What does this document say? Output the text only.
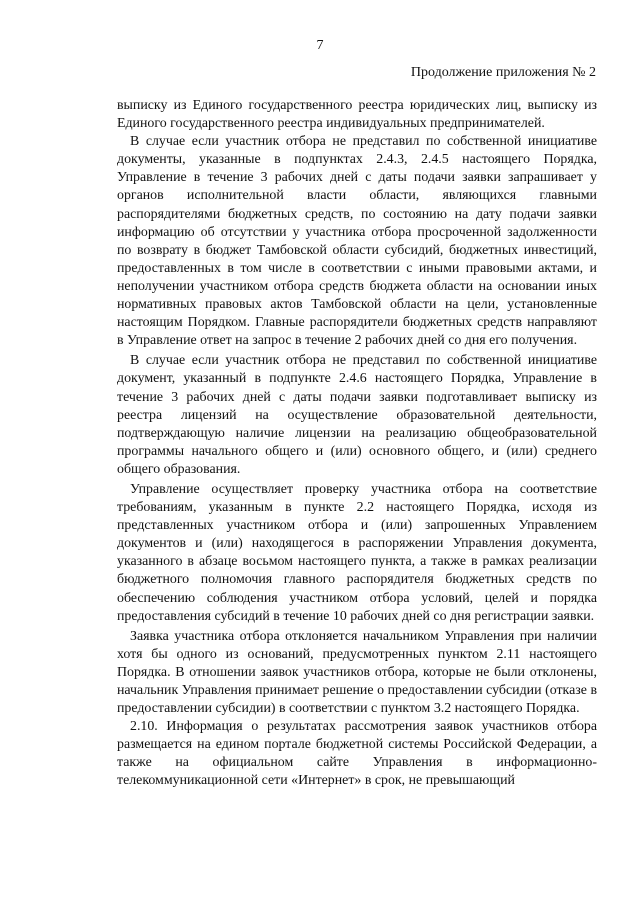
7
Продолжение приложения № 2

выписку из Единого государственного реестра юридических лиц, выписку из Единого государственного реестра индивидуальных предпринимателей.

В случае если участник отбора не представил по собственной инициативе документы, указанные в подпунктах 2.4.3, 2.4.5 настоящего Порядка, Управление в течение 3 рабочих дней с даты подачи заявки запрашивает у органов исполнительной власти области, являющихся главными распорядителями бюджетных средств, по состоянию на дату подачи заявки информацию об отсутствии у участника отбора просроченной задолженности по возврату в бюджет Тамбовской области субсидий, бюджетных инвестиций, предоставленных в том числе в соответствии с иными правовыми актами, и неполучении участником отбора средств бюджета области на основании иных нормативных правовых актов Тамбовской области на цели, установленные настоящим Порядком. Главные распорядители бюджетных средств направляют в Управление ответ на запрос в течение 2 рабочих дней со дня его получения.

В случае если участник отбора не представил по собственной инициативе документ, указанный в подпункте 2.4.6 настоящего Порядка, Управление в течение 3 рабочих дней с даты подачи заявки подготавливает выписку из реестра лицензий на осуществление образовательной деятельности, подтверждающую наличие лицензии на реализацию общеобразовательной программы начального общего и (или) основного общего, и (или) среднего общего образования.

Управление осуществляет проверку участника отбора на соответствие требованиям, указанным в пункте 2.2 настоящего Порядка, исходя из представленных участником отбора и (или) запрошенных Управлением документов и (или) находящегося в распоряжении Управления документа, указанного в абзаце восьмом настоящего пункта, а также в рамках реализации бюджетного полномочия главного распорядителя бюджетных средств по обеспечению соблюдения участником отбора условий, целей и порядка предоставления субсидий в течение 10 рабочих дней со дня регистрации заявки.

Заявка участника отбора отклоняется начальником Управления при наличии хотя бы одного из оснований, предусмотренных пунктом 2.11 настоящего Порядка. В отношении заявок участников отбора, которые не были отклонены, начальник Управления принимает решение о предоставлении субсидии (отказе в предоставлении субсидии) в соответствии с пунктом 3.2 настоящего Порядка.

2.10. Информация о результатах рассмотрения заявок участников отбора размещается на едином портале бюджетной системы Российской Федерации, а также на официальном сайте Управления в информационно-телекоммуникационной сети «Интернет» в срок, не превышающий
